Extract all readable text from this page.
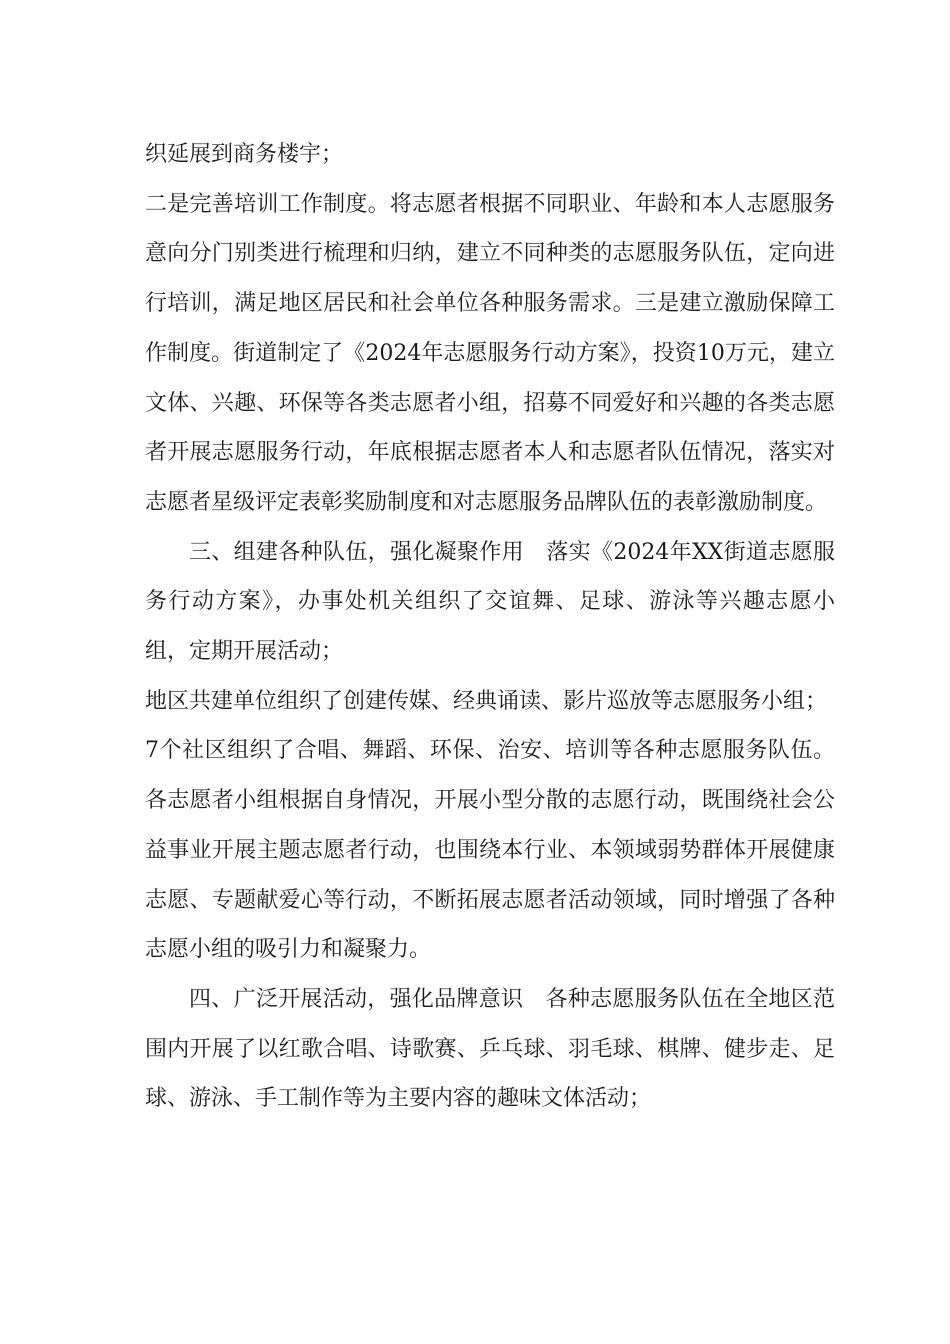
织延展到商务楼宇；

二是完善培训工作制度。将志愿者根据不同职业、年龄和本人志愿服务意向分门别类进行梳理和归纳，建立不同种类的志愿服务队伍，定向进行培训，满足地区居民和社会单位各种服务需求。三是建立激励保障工作制度。街道制定了《2024年志愿服务行动方案》，投资10万元，建立文体、兴趣、环保等各类志愿者小组，招募不同爱好和兴趣的各类志愿者开展志愿服务行动，年底根据志愿者本人和志愿者队伍情况，落实对志愿者星级评定表彰奖励制度和对志愿服务品牌队伍的表彰激励制度。

三、组建各种队伍，强化凝聚作用　落实《2024年XX街道志愿服务行动方案》，办事处机关组织了交谊舞、足球、游泳等兴趣志愿小组，定期开展活动；

地区共建单位组织了创建传媒、经典诵读、影片巡放等志愿服务小组；

7个社区组织了合唱、舞蹈、环保、治安、培训等各种志愿服务队伍。各志愿者小组根据自身情况，开展小型分散的志愿行动，既围绕社会公益事业开展主题志愿者行动，也围绕本行业、本领域弱势群体开展健康志愿、专题献爱心等行动，不断拓展志愿者活动领域，同时增强了各种志愿小组的吸引力和凝聚力。

四、广泛开展活动，强化品牌意识　各种志愿服务队伍在全地区范围内开展了以红歌合唱、诗歌赛、乒乓球、羽毛球、棋牌、健步走、足球、游泳、手工制作等为主要内容的趣味文体活动；
